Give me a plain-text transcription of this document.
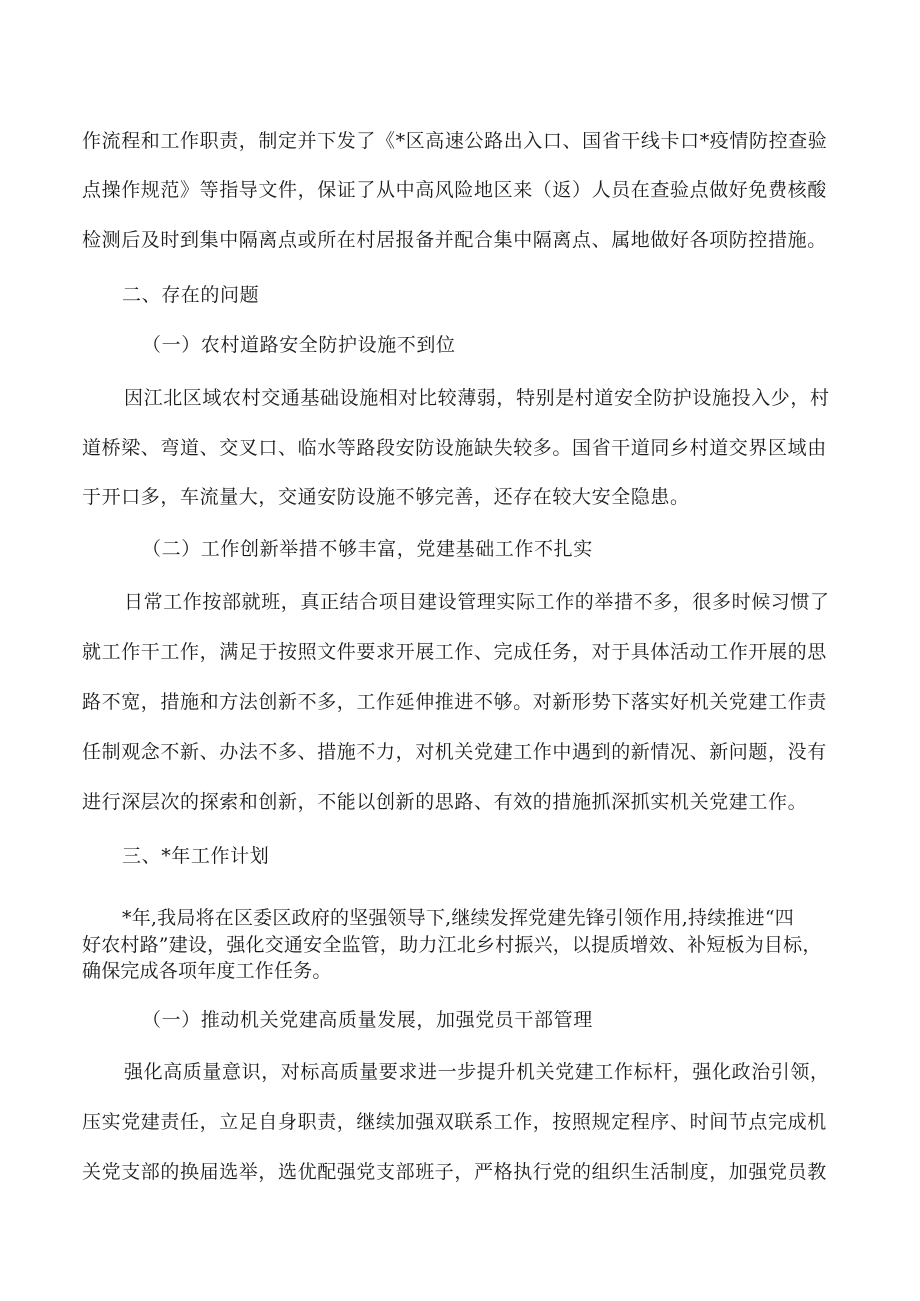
作流程和工作职责，制定并下发了《*区高速公路出入口、国省干线卡口*疫情防控查验
点操作规范》等指导文件，保证了从中高风险地区来（返）人员在查验点做好免费核酸
检测后及时到集中隔离点或所在村居报备并配合集中隔离点、属地做好各项防控措施。
二、存在的问题
（一）农村道路安全防护设施不到位
因江北区域农村交通基础设施相对比较薄弱，特别是村道安全防护设施投入少，村
道桥梁、弯道、交叉口、临水等路段安防设施缺失较多。国省干道同乡村道交界区域由
于开口多，车流量大，交通安防设施不够完善，还存在较大安全隐患。
（二）工作创新举措不够丰富，党建基础工作不扎实
日常工作按部就班，真正结合项目建设管理实际工作的举措不多，很多时候习惯了
就工作干工作，满足于按照文件要求开展工作、完成任务，对于具体活动工作开展的思
路不宽，措施和方法创新不多，工作延伸推进不够。对新形势下落实好机关党建工作责
任制观念不新、办法不多、措施不力，对机关党建工作中遇到的新情况、新问题，没有
进行深层次的探索和创新，不能以创新的思路、有效的措施抓深抓实机关党建工作。
三、*年工作计划
*年,我局将在区委区政府的坚强领导下,继续发挥党建先锋引领作用,持续推进“四
好农村路”建设，强化交通安全监管，助力江北乡村振兴，以提质增效、补短板为目标，
确保完成各项年度工作任务。
（一）推动机关党建高质量发展，加强党员干部管理
强化高质量意识，对标高质量要求进一步提升机关党建工作标杆，强化政治引领，
压实党建责任，立足自身职责，继续加强双联系工作，按照规定程序、时间节点完成机
关党支部的换届选举，选优配强党支部班子，严格执行党的组织生活制度，加强党员教
